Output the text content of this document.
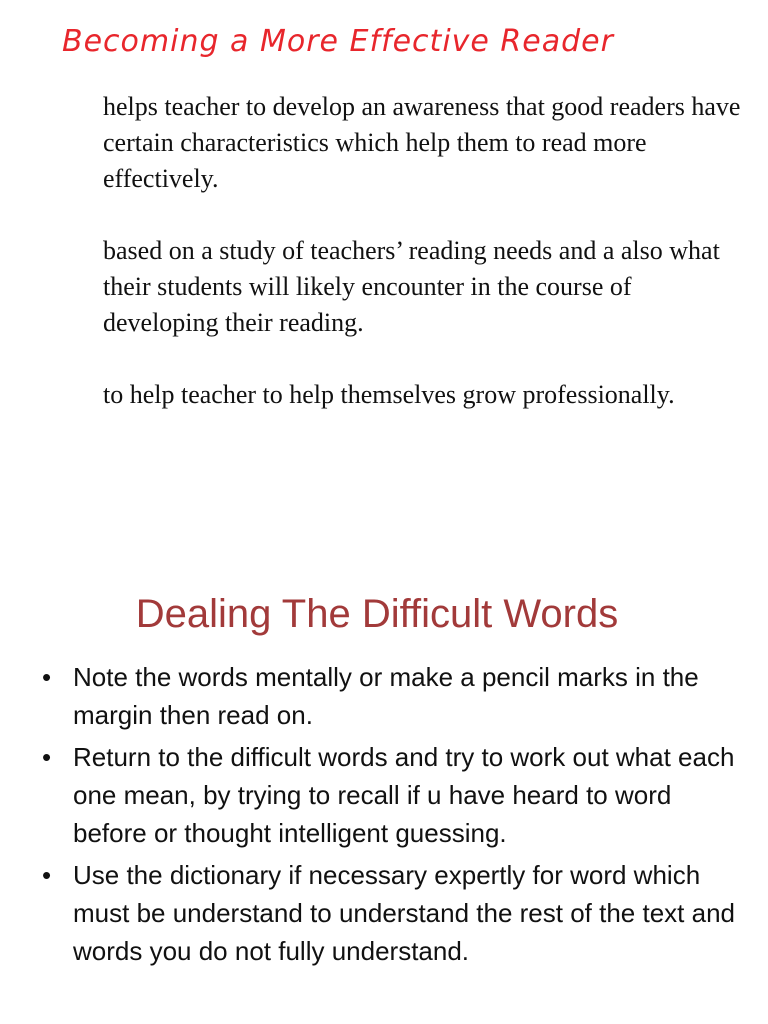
Becoming a More Effective Reader

helps teacher to develop an awareness that good readers have certain characteristics which help them to read more effectively.

based on a study of teachers’ reading needs and a also what their students will likely encounter in the course of developing their reading.

to help teacher to help themselves grow professionally.

Dealing The Difficult Words
• Note the words mentally or make a pencil marks in the margin then read on.
• Return to the difficult words and try to work out what each one mean, by trying to recall if u have heard to word before or thought intelligent guessing.
• Use the dictionary if necessary expertly for word which must be understand to understand the rest of the text and words you do not fully understand.
